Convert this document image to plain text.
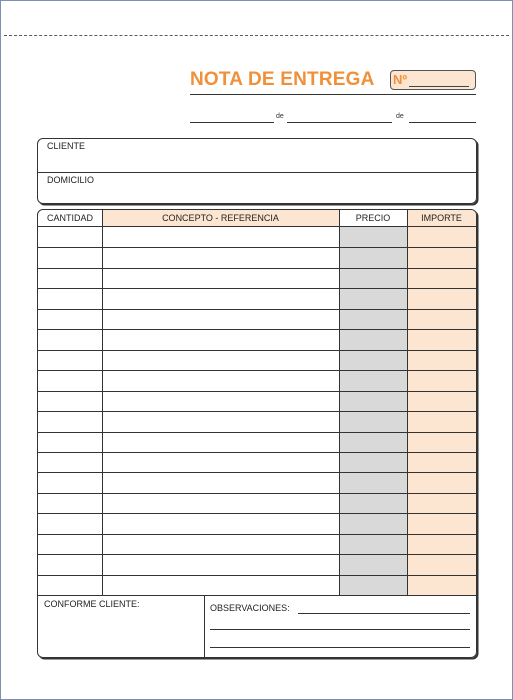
NOTA DE ENTREGA Nº
de	de
CLIENTE
DOMICILIO
CANTIDAD	CONCEPTO - REFERENCIA	PRECIO	IMPORTE
CONFORME CLIENTE:	OBSERVACIONES:
